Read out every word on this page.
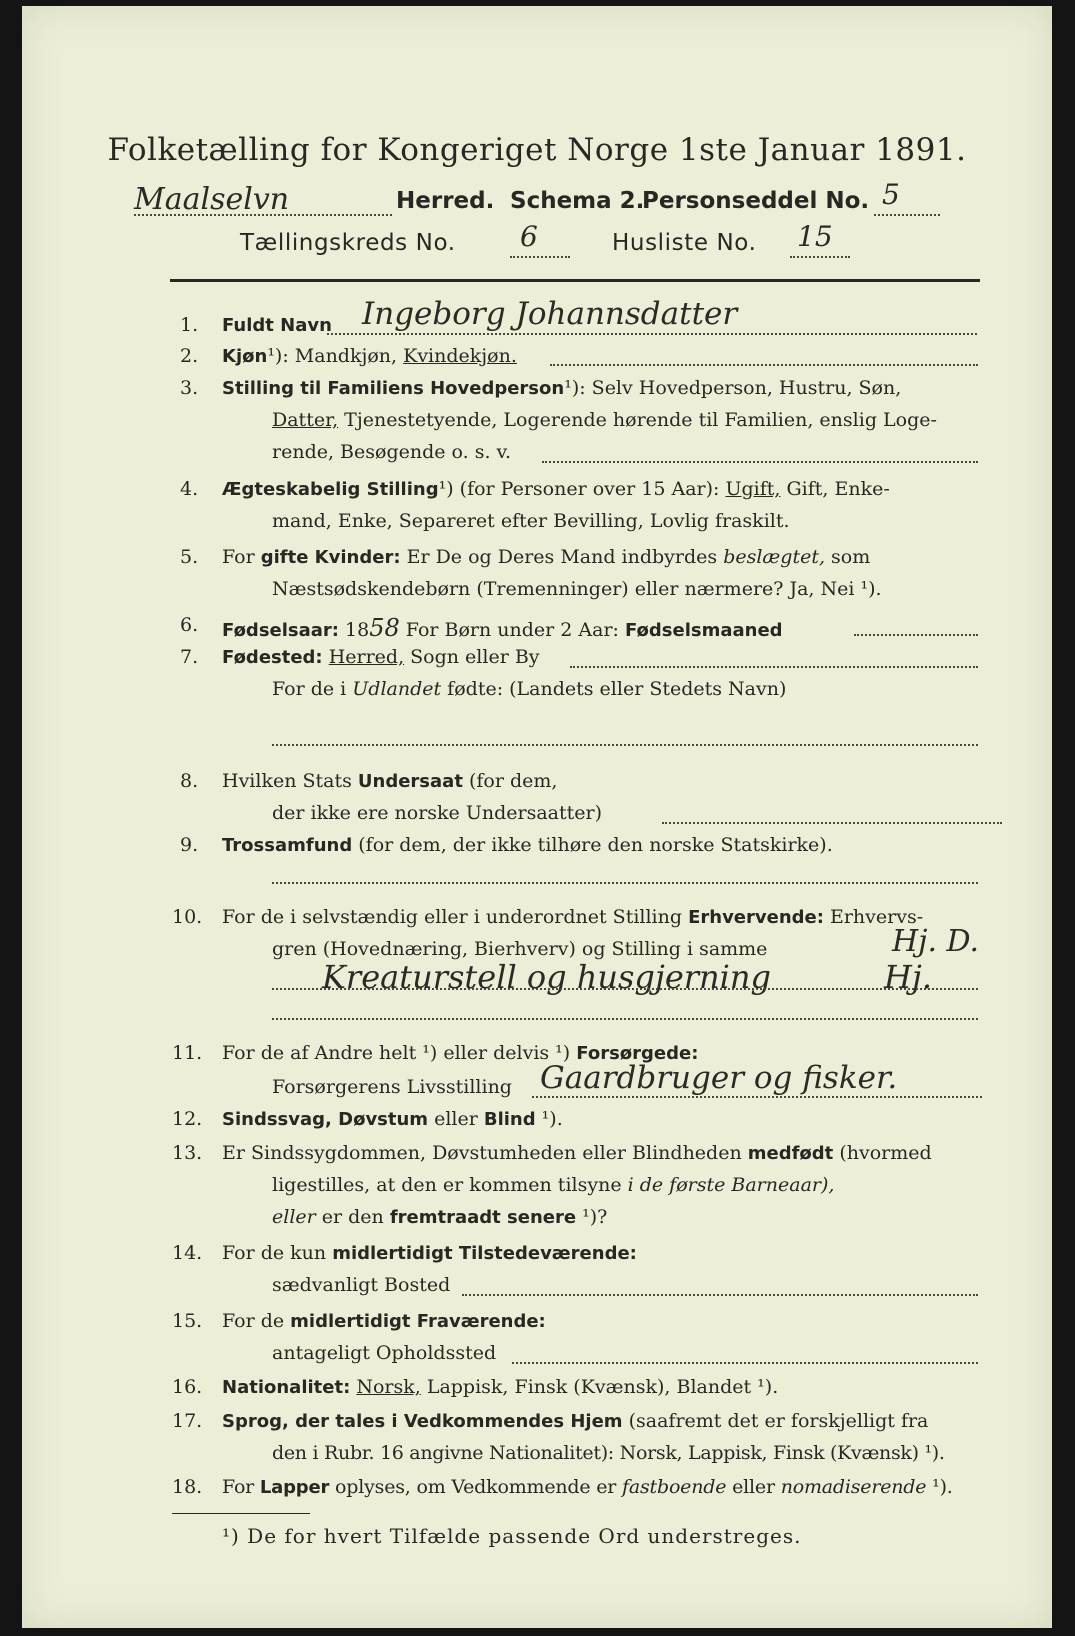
Folketælling for Kongeriget Norge 1ste Januar 1891.
Maalselvn	Herred. Schema 2.
Personseddel No. 5
Tællingskreds No. 6	Husliste No. 15
1. Fuldt Navn Ingeborg Johannsdatter
2. Kjøn¹): Mandkjøn, Kvindekjøn.
3. Stilling til Familiens Hovedperson¹): Selv Hovedperson, Hustru, Søn,
Datter, Tjenestetyende, Logerende hørende til Familien, enslig Loge-
rende, Besøgende o. s. v.
4. Ægteskabelig Stilling¹) (for Personer over 15 Aar): Ugift, Gift, Enke-
mand, Enke, Separeret efter Bevilling, Lovlig fraskilt.
5. For gifte Kvinder: Er De og Deres Mand indbyrdes beslægtet, som
Næstsødskendebørn (Tremenninger) eller nærmere? Ja, Nei ¹).
6. Fødselsaar: 1858 For Børn under 2 Aar: Fødselsmaaned
7. Fødested: Herred, Sogn eller By
For de i Udlandet fødte: (Landets eller Stedets Navn)
8. Hvilken Stats Undersaat (for dem,
der ikke ere norske Undersaatter)
9. Trossamfund (for dem, der ikke tilhøre den norske Statskirke).
10. For de i selvstændig eller i underordnet Stilling Erhvervende: Erhvervs-
gren (Hovednæring, Bierhverv) og Stilling i samme	Hj. D.
Kreaturstell og husgjerning	Hj.
11. For de af Andre helt ¹) eller delvis ¹) Forsørgede:
Forsørgerens Livsstilling Gaardbruger og fisker.
12. Sindssvag, Døvstum eller Blind ¹).
13. Er Sindssygdommen, Døvstumheden eller Blindheden medfødt (hvormed
ligestilles, at den er kommen tilsyne i de første Barneaar),
eller er den fremtraadt senere ¹)?
14. For de kun midlertidigt Tilstedeværende:
sædvanligt Bosted
15. For de midlertidigt Fraværende:
antageligt Opholdssted
16. Nationalitet: Norsk, Lappisk, Finsk (Kvænsk), Blandet ¹).
17. Sprog, der tales i Vedkommendes Hjem (saafremt det er forskjelligt fra
den i Rubr. 16 angivne Nationalitet): Norsk, Lappisk, Finsk (Kvænsk) ¹).
18. For Lapper oplyses, om Vedkommende er fastboende eller nomadiserende ¹).
¹) De for hvert Tilfælde passende Ord understreges.
